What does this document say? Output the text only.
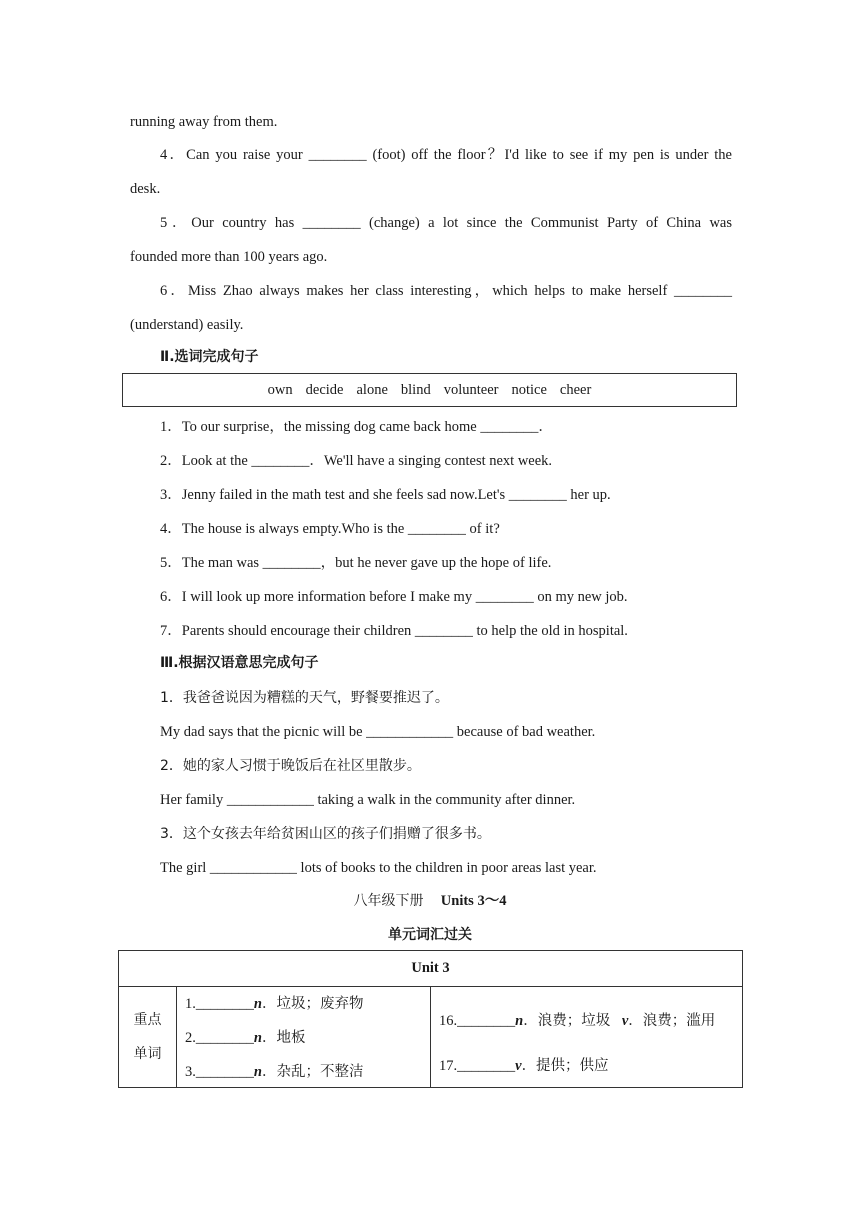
running away from them.
4．Can you raise your ________ (foot) off the floor？I'd like to see if my pen is under the
desk.
5．Our country has ________ (change) a lot since the Communist Party of China was
founded more than 100 years ago.
6．Miss Zhao always makes her class interesting，which helps to make herself ________
(understand) easily.
Ⅱ.选词完成句子
own decide alone blind volunteer notice cheer
1．To our surprise，the missing dog came back home ________．
2．Look at the ________．We'll have a singing contest next week.
3．Jenny failed in the math test and she feels sad now.Let's ________ her up.
4．The house is always empty.Who is the ________ of it?
5．The man was ________，but he never gave up the hope of life.
6．I will look up more information before I make my ________ on my new job.
7．Parents should encourage their children ________ to help the old in hospital.
Ⅲ.根据汉语意思完成句子
1．我爸爸说因为糟糕的天气，野餐要推迟了。
My dad says that the picnic will be ____________ because of bad weather.
2．她的家人习惯于晚饭后在社区里散步。
Her family ____________ taking a walk in the community after dinner.
3．这个女孩去年给贫困山区的孩子们捐赠了很多书。
The girl ____________ lots of books to the children in poor areas last year.
八年级下册 Units 3～4
单元词汇过关
Unit 3

重点
单词

1.________n．垃圾；废弃物
2.________n．地板
3.________n．杂乱；不整洁

16.________n．浪费；垃圾 v．浪费；滥用
17.________v．提供；供应
